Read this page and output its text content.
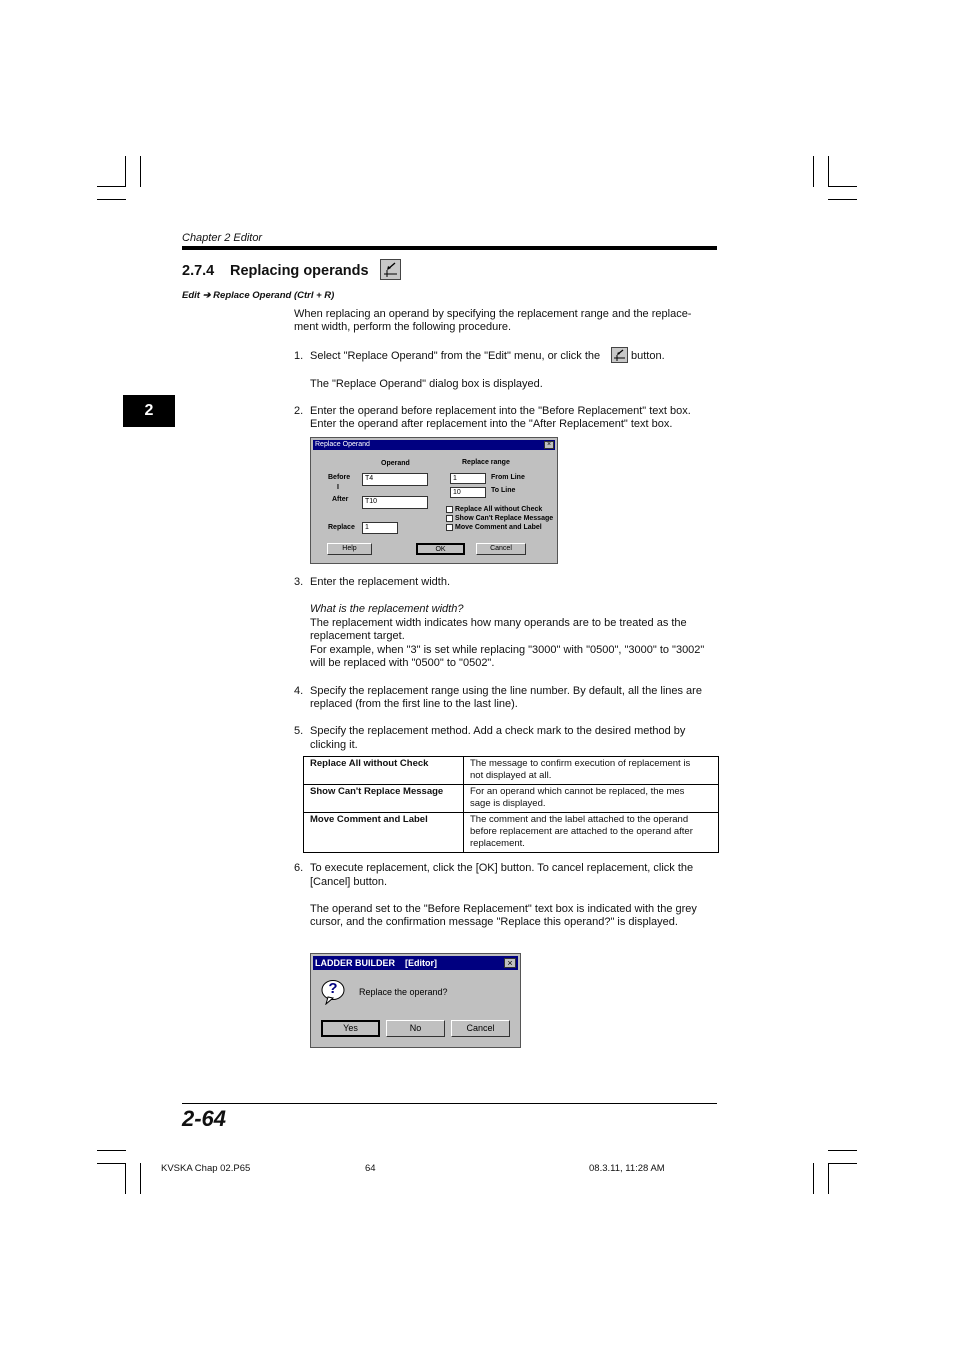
Chapter 2 Editor
2
2.7.4 Replacing operands
Edit ➔ Replace Operand (Ctrl + R)
When replacing an operand by specifying the replacement range and the replace-
ment width, perform the following procedure.
1. Select "Replace Operand" from the "Edit" menu, or click the	button.
The "Replace Operand" dialog box is displayed.
2. Enter the operand before replacement into the "Before Replacement" text box.
Enter the operand after replacement into the "After Replacement" text box.
Replace Operand	×
Operand	Replace range
Before
I
T4
After	T10
Replace	1
1	From Line
10	To Line
Replace All without Check
Show Can't Replace Message
Move Comment and Label
Help	OK	Cancel
3. Enter the replacement width.
What is the replacement width?
The replacement width indicates how many operands are to be treated as the
replacement target.
For example, when "3" is set while replacing "3000" with "0500", "3000" to "3002"
will be replaced with "0500" to "0502".
4. Specify the replacement range using the line number. By default, all the lines are
replaced (from the first line to the last line).
5. Specify the replacement method. Add a check mark to the desired method by
clicking it.
Replace All without Check	The message to confirm execution of replacement is
not displayed at all.

Show Can't Replace Message	For an operand which cannot be replaced, the mes
sage is displayed.

Move Comment and Label	The comment and the label attached to the operand
before replacement are attached to the operand after
replacement.
6. To execute replacement, click the [OK] button. To cancel replacement, click the
[Cancel] button.
The operand set to the "Before Replacement" text box is indicated with the grey
cursor, and the confirmation message "Replace this operand?" is displayed.
LADDER BUILDER    [Editor]	×
?	Replace the operand?
Yes	No	Cancel
2-64
KVSKA Chap 02.P65	64	08.3.11, 11:28 AM
